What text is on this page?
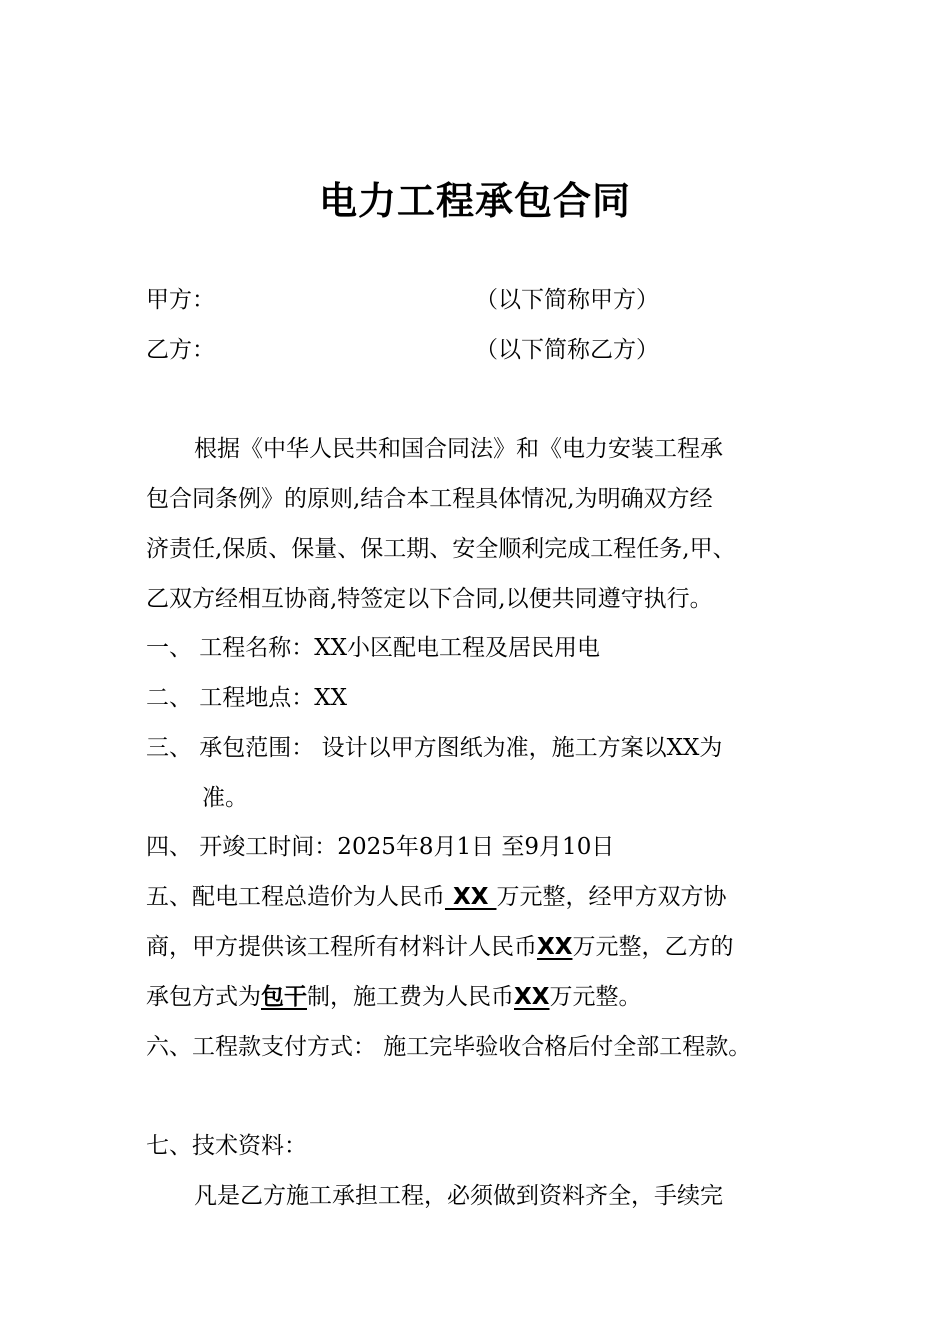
电力工程承包合同
甲方：	（以下简称甲方）
乙方：	（以下简称乙方）
根据《中华人民共和国合同法》和《电力安装工程承
包合同条例》的原则,结合本工程具体情况,为明确双方经
济责任,保质、保量、保工期、安全顺利完成工程任务,甲、
乙双方经相互协商,特签定以下合同,以便共同遵守执行。
一、 工程名称：XX小区配电工程及居民用电
二、 工程地点：XX
三、 承包范围： 设计以甲方图纸为准，施工方案以XX为
准。
四、 开竣工时间：2025年8月1日 至9月10日
五、配电工程总造价为人民币 XX 万元整，经甲方双方协
商，甲方提供该工程所有材料计人民币XX万元整，乙方的
承包方式为包干制，施工费为人民币XX万元整。
六、工程款支付方式： 施工完毕验收合格后付全部工程款。
七、技术资料：
凡是乙方施工承担工程，必须做到资料齐全，手续完
